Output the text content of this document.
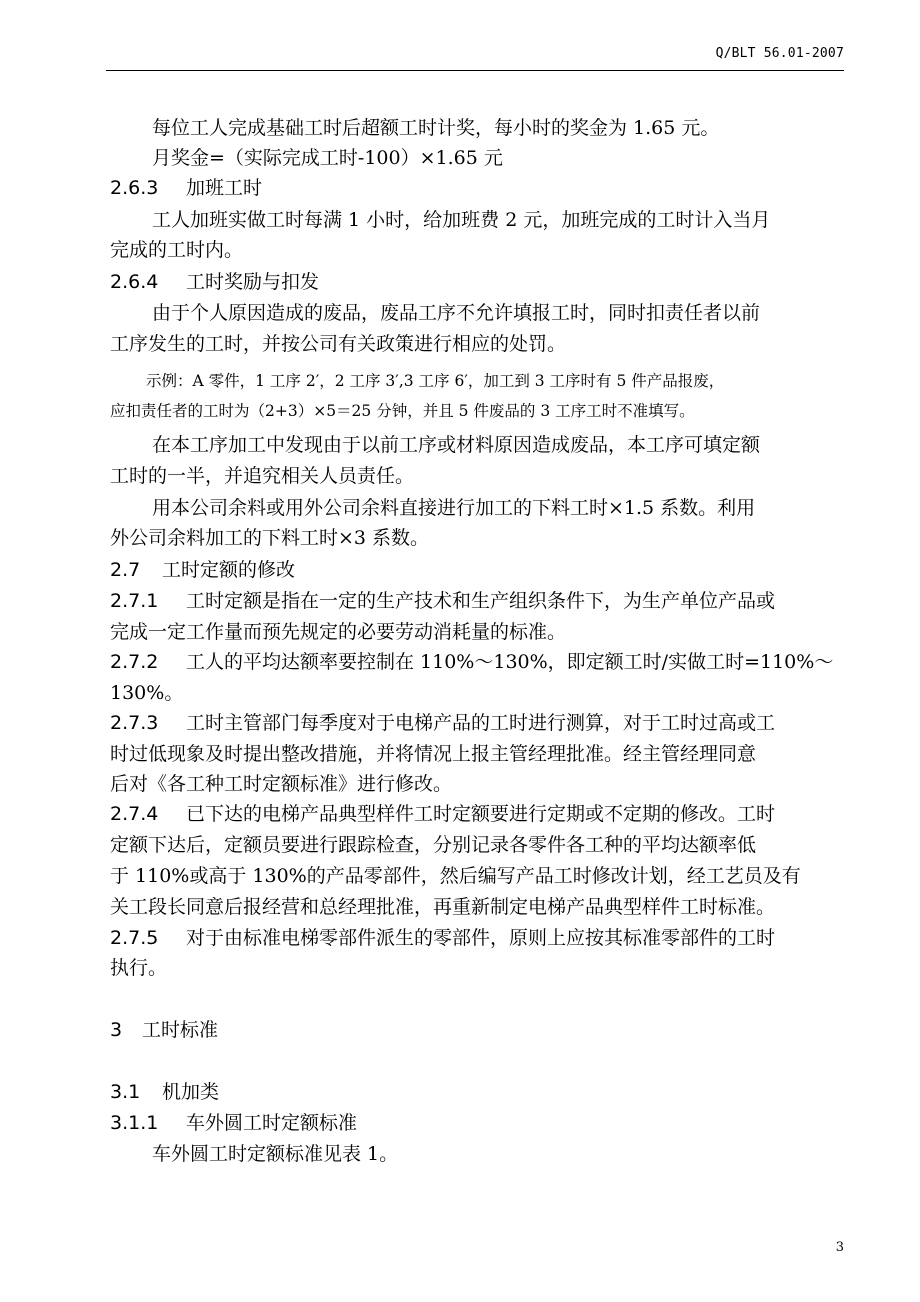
Q/BLT 56.01-2007
每位工人完成基础工时后超额工时计奖，每小时的奖金为 1.65 元。
月奖金=（实际完成工时-100）×1.65 元
2.6.3 加班工时
工人加班实做工时每满 1 小时，给加班费 2 元，加班完成的工时计入当月
完成的工时内。
2.6.4 工时奖励与扣发
由于个人原因造成的废品，废品工序不允许填报工时，同时扣责任者以前
工序发生的工时，并按公司有关政策进行相应的处罚。
示例：A 零件，1 工序 2′，2 工序 3′,3 工序 6′，加工到 3 工序时有 5 件产品报废，
应扣责任者的工时为（2+3）×5＝25 分钟，并且 5 件废品的 3 工序工时不准填写。
在本工序加工中发现由于以前工序或材料原因造成废品，本工序可填定额
工时的一半，并追究相关人员责任。
用本公司余料或用外公司余料直接进行加工的下料工时×1.5 系数。利用
外公司余料加工的下料工时×3 系数。
2.7 工时定额的修改
2.7.1 工时定额是指在一定的生产技术和生产组织条件下，为生产单位产品或
完成一定工作量而预先规定的必要劳动消耗量的标准。
2.7.2 工人的平均达额率要控制在 110%～130%，即定额工时/实做工时=110%～
130%。
2.7.3 工时主管部门每季度对于电梯产品的工时进行测算，对于工时过高或工
时过低现象及时提出整改措施，并将情况上报主管经理批准。经主管经理同意
后对《各工种工时定额标准》进行修改。
2.7.4 已下达的电梯产品典型样件工时定额要进行定期或不定期的修改。工时
定额下达后，定额员要进行跟踪检查，分别记录各零件各工种的平均达额率低
于 110%或高于 130%的产品零部件，然后编写产品工时修改计划，经工艺员及有
关工段长同意后报经营和总经理批准，再重新制定电梯产品典型样件工时标准。
2.7.5 对于由标准电梯零部件派生的零部件，原则上应按其标准零部件的工时
执行。
3 工时标准
3.1 机加类
3.1.1 车外圆工时定额标准
车外圆工时定额标准见表 1。
3
